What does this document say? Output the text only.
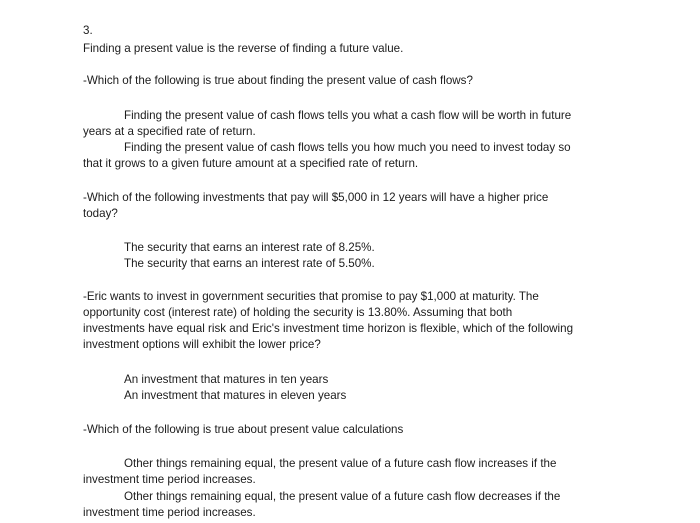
3.
Finding a present value is the reverse of finding a future value.
-Which of the following is true about finding the present value of cash flows?
Finding the present value of cash flows tells you what a cash flow will be worth in future
years at a specified rate of return.
Finding the present value of cash flows tells you how much you need to invest today so
that it grows to a given future amount at a specified rate of return.
-Which of the following investments that pay will $5,000 in 12 years will have a higher price
today?
The security that earns an interest rate of 8.25%.
The security that earns an interest rate of 5.50%.
-Eric wants to invest in government securities that promise to pay $1,000 at maturity. The
opportunity cost (interest rate) of holding the security is 13.80%. Assuming that both
investments have equal risk and Eric's investment time horizon is flexible, which of the following
investment options will exhibit the lower price?
An investment that matures in ten years
An investment that matures in eleven years
-Which of the following is true about present value calculations
Other things remaining equal, the present value of a future cash flow increases if the
investment time period increases.
Other things remaining equal, the present value of a future cash flow decreases if the
investment time period increases.
